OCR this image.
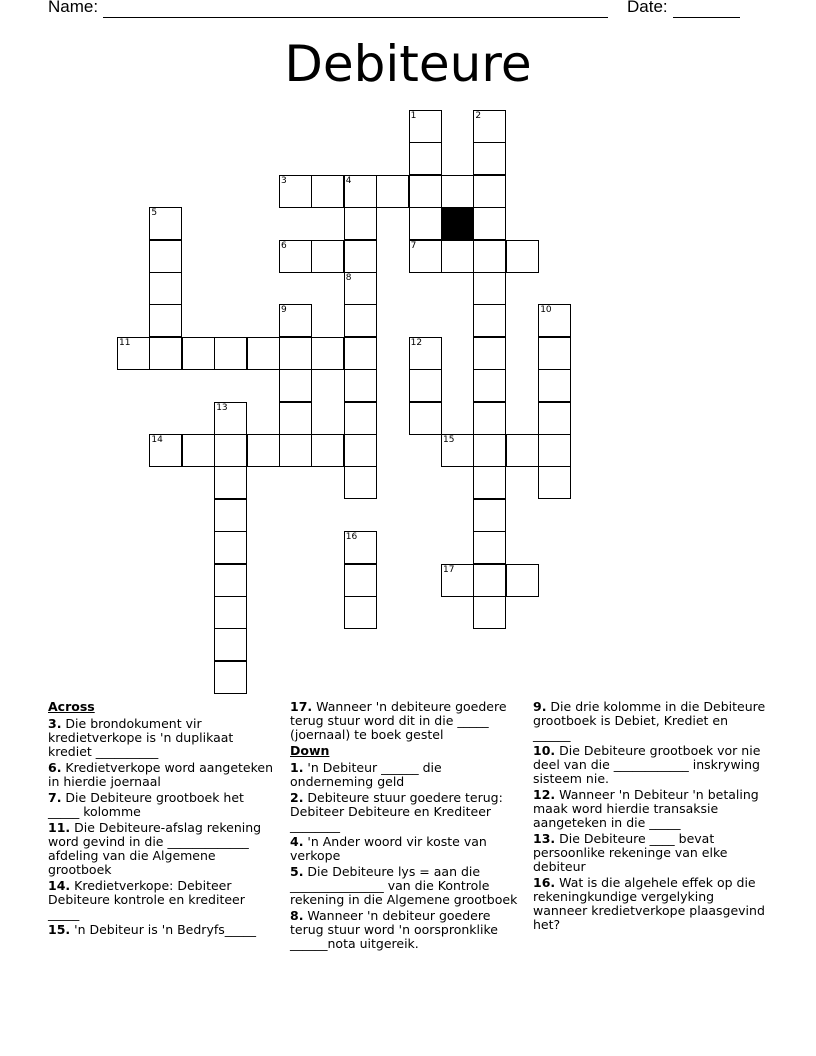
Name:	Date:
Debiteure
1	2
3	4
5
6	7
8
9	10
11	12
13
14	15
16
17
Across
3. Die brondokument vir kredietverkope is 'n duplikaat krediet __________
6. Kredietverkope word aangeteken in hierdie joernaal
7. Die Debiteure grootboek het _____ kolomme
11. Die Debiteure-afslag rekening word gevind in die _____________ afdeling van die Algemene grootboek
14. Kredietverkope: Debiteer Debiteure kontrole en krediteer _____
15. 'n Debiteur is 'n Bedryfs_____
17. Wanneer 'n debiteure goedere terug stuur word dit in die _____ (joernaal) te boek gestel
Down
1. 'n Debiteur ______ die onderneming geld
2. Debiteure stuur goedere terug: Debiteer Debiteure en Krediteer ________
4. 'n Ander woord vir koste van verkope
5. Die Debiteure lys = aan die _______________ van die Kontrole rekening in die Algemene grootboek
8. Wanneer 'n debiteur goedere terug stuur word 'n oorspronklike ______nota uitgereik.
9. Die drie kolomme in die Debiteure grootboek is Debiet, Krediet en ______
10. Die Debiteure grootboek vor nie deel van die ____________ inskrywing sisteem nie.
12. Wanneer 'n Debiteur 'n betaling maak word hierdie transaksie aangeteken in die _____
13. Die Debiteure ____ bevat persoonlike rekeninge van elke debiteur
16. Wat is die algehele effek op die rekeningkundige vergelyking wanneer kredietverkope plaasgevind het?
